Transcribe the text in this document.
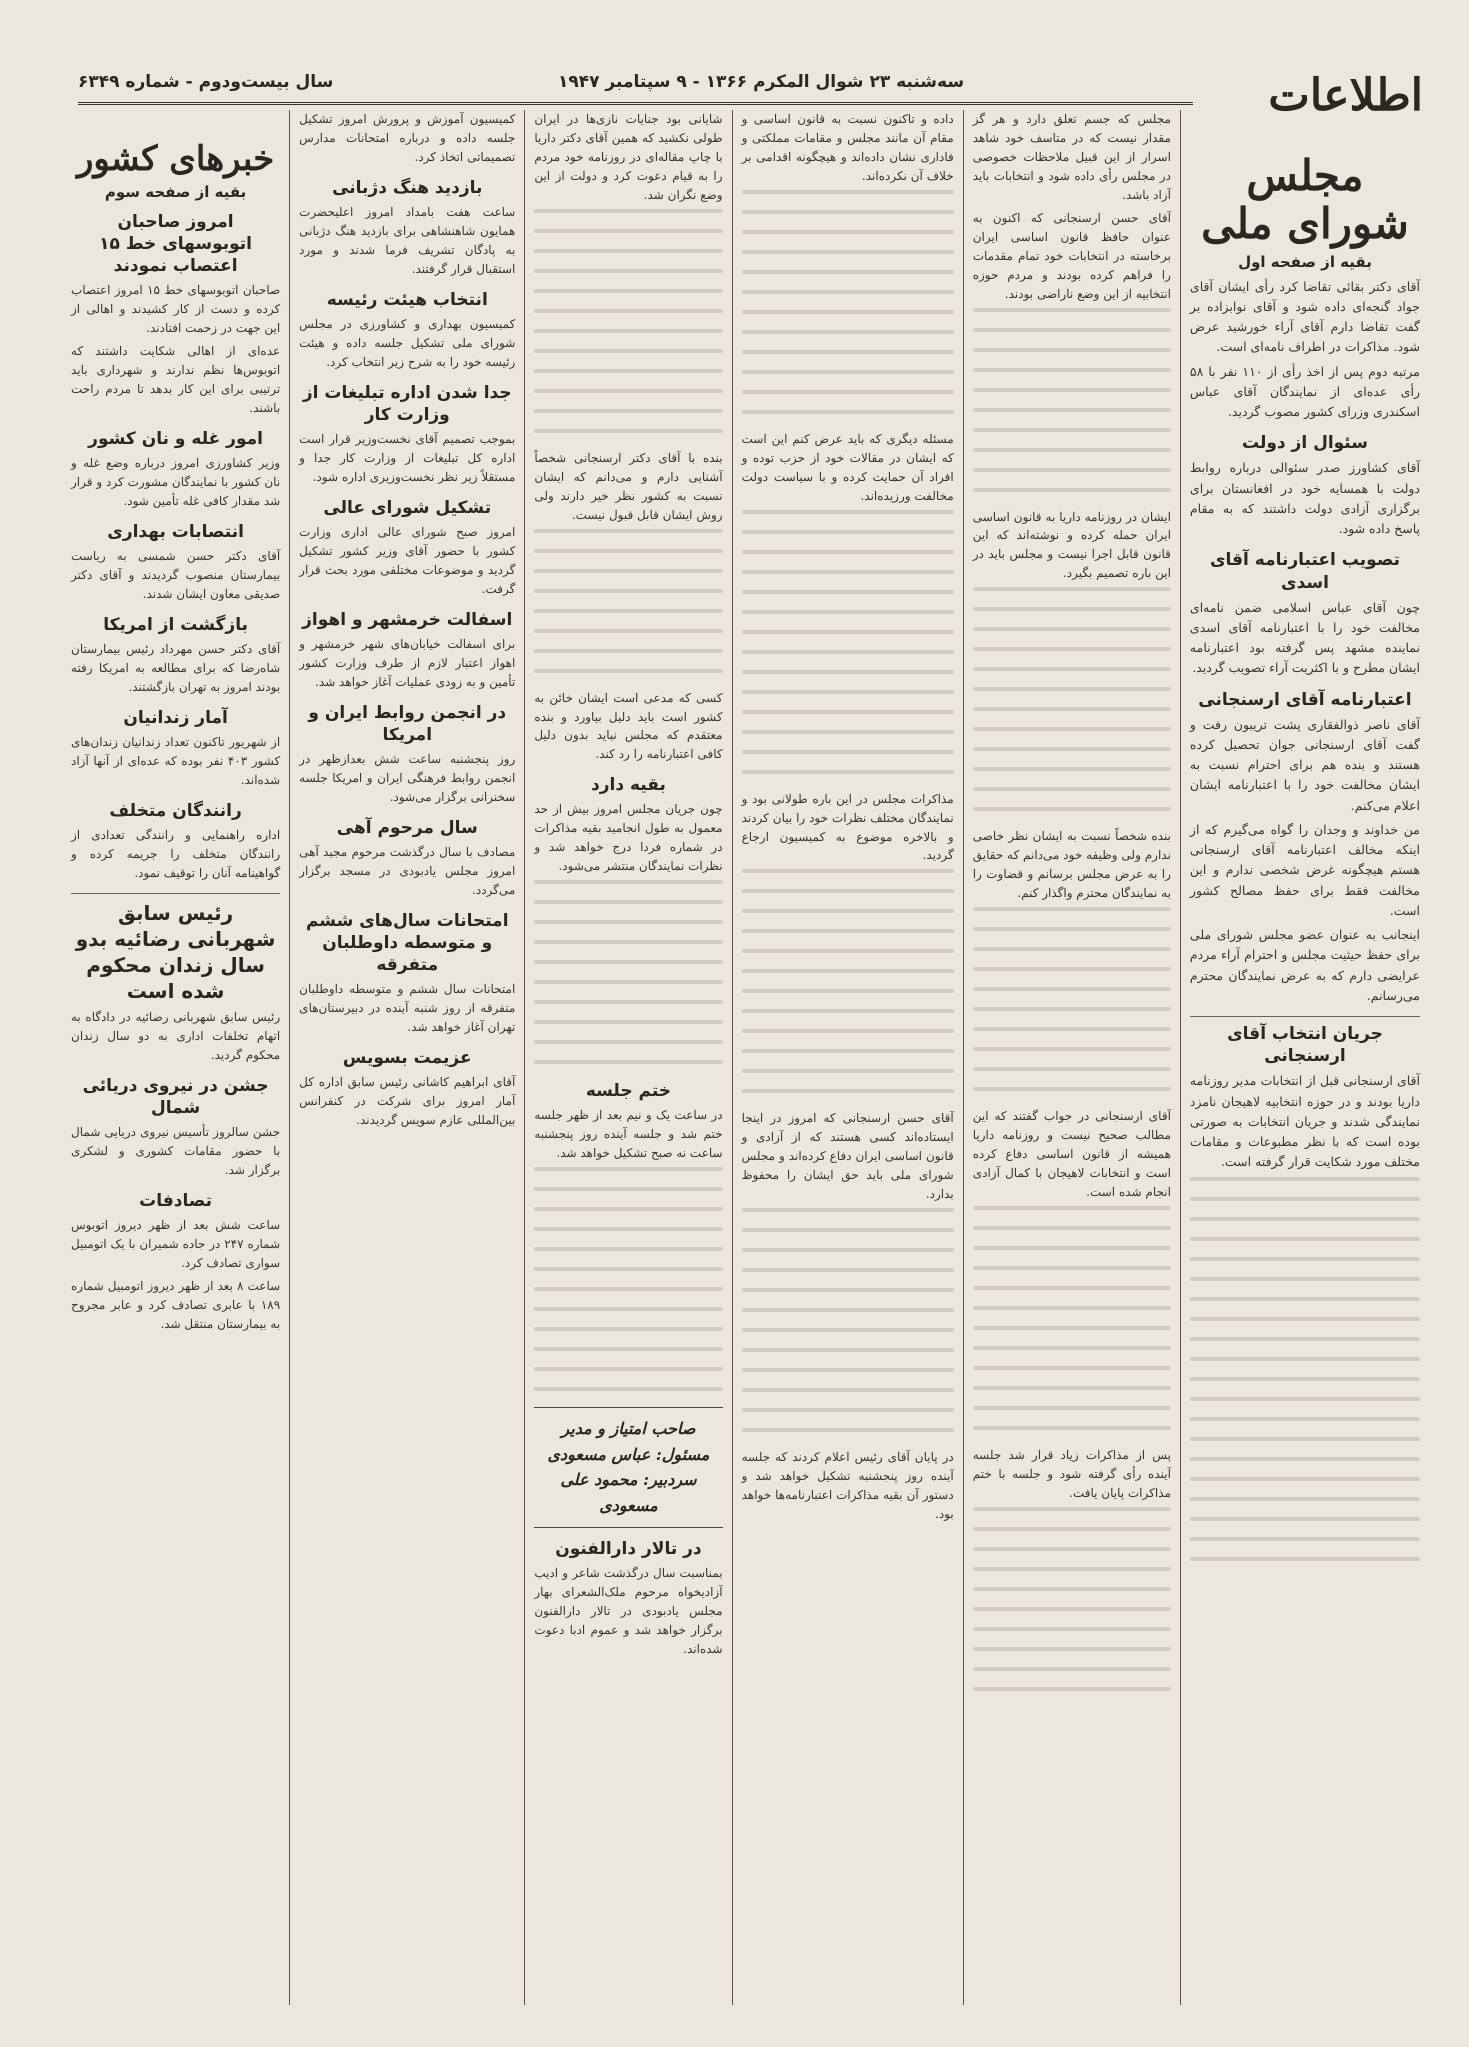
سال بیست‌ودوم - شماره ۶۳۴۹	سه‌شنبه ۲۳ شوال المکرم ۱۳۶۶ - ۹ سپتامبر ۱۹۴۷	اطلاعات
مجلس شورای ملی
بقیه از صفحه اول

آقای دکتر بقائی تقاضا کرد رأی ایشان آقای جواد گنجه‌ای داده شود و آقای نوابزاده بر گفت تقاضا دارم آقای آراء خورشید عرض شود. مذاکرات در اطراف نامه‌ای است.

مرتبه دوم پس از اخذ رأی از ۱۱۰ نفر با ۵۸ رأی عده‌ای از نمایندگان آقای عباس اسکندری وزرای کشور مصوب گردید.

سئوال از دولت

آقای کشاورز صدر سئوالی درباره روابط دولت با همسایه خود در افغانستان برای برگزاری آزادی دولت داشتند که به مقام پاسخ داده شود.

تصویب اعتبارنامه آقای اسدی

چون آقای عباس اسلامی ضمن نامه‌ای مخالفت خود را با اعتبارنامه آقای اسدی نماینده مشهد پس گرفته بود اعتبارنامه ایشان مطرح و با اکثریت آراء تصویب گردید.

اعتبارنامه آقای ارسنجانی

آقای ناصر ذوالفقاری پشت تریبون رفت و گفت آقای ارسنجانی جوان تحصیل کرده هستند و بنده هم برای احترام نسبت به ایشان مخالفت خود را با اعتبارنامه ایشان اعلام می‌کنم.

من خداوند و وجدان را گواه می‌گیرم که از اینکه مخالف اعتبارنامه آقای ارسنجانی هستم هیچگونه غرض شخصی ندارم و این مخالفت فقط برای حفظ مصالح کشور است.

اینجانب به عنوان عضو مجلس شورای ملی برای حفظ حیثیت مجلس و احترام آراء مردم عرایضی دارم که به عرض نمایندگان محترم می‌رسانم.

جریان انتخاب آقای ارسنجانی

آقای ارسنجانی قبل از انتخابات مدیر روزنامه داریا بودند و در حوزه انتخابیه لاهیجان نامزد نمایندگی شدند و جریان انتخابات به صورتی بوده است که با نظر مطبوعات و مقامات مختلف مورد شکایت قرار گرفته است.

مجلس که جسم تعلق دارد و هر گز مقدار نیست که در متاسف خود شاهد اسرار از این قبیل ملاحظات خصوصی در مجلس رأی داده شود و انتخابات باید آزاد باشد.

آقای حسن ارسنجانی که اکنون به عنوان حافظ قانون اساسی ایران برخاسته در انتخابات خود تمام مقدمات را فراهم کرده بودند و مردم حوزه انتخابیه از این وضع ناراضی بودند.

ایشان در روزنامه داریا به قانون اساسی ایران حمله کرده و نوشته‌اند که این قانون قابل اجرا نیست و مجلس باید در این باره تصمیم بگیرد.

بنده شخصاً نسبت به ایشان نظر خاصی ندارم ولی وظیفه خود می‌دانم که حقایق را به عرض مجلس برسانم و قضاوت را به نمایندگان محترم واگذار کنم.

آقای ارسنجانی در جواب گفتند که این مطالب صحیح نیست و روزنامه داریا همیشه از قانون اساسی دفاع کرده است و انتخابات لاهیجان با کمال آزادی انجام شده است.

پس از مذاکرات زیاد قرار شد جلسه آینده رأی گرفته شود و جلسه با ختم مذاکرات پایان یافت.

داده و تاکنون نسبت به قانون اساسی و مقام آن مانند مجلس و مقامات مملکتی و فاداری نشان داده‌اند و هیچگونه اقدامی بر خلاف آن نکرده‌اند.

مسئله دیگری که باید عرض کنم این است که ایشان در مقالات خود از حزب توده و افراد آن حمایت کرده و با سیاست دولت مخالفت ورزیده‌اند.

مذاکرات مجلس در این باره طولانی بود و نمایندگان مختلف نظرات خود را بیان کردند و بالاخره موضوع به کمیسیون ارجاع گردید.

آقای حسن ارسنجانی که امروز در اینجا ایستاده‌اند کسی هستند که از آزادی و قانون اساسی ایران دفاع کرده‌اند و مجلس شورای ملی باید حق ایشان را محفوظ بدارد.

در پایان آقای رئیس اعلام کردند که جلسه آینده روز پنجشنبه تشکیل خواهد شد و دستور آن بقیه مذاکرات اعتبارنامه‌ها خواهد بود.

شایانی بود جنایات نازی‌ها در ایران طولی نکشید که همین آقای دکتر داریا با چاپ مقاله‌ای در روزنامه خود مردم را به قیام دعوت کرد و دولت از این وضع نگران شد.

بنده با آقای دکتر ارسنجانی شخصاً آشنایی دارم و می‌دانم که ایشان نسبت به کشور نظر خیر دارند ولی روش ایشان قابل قبول نیست.

کسی که مدعی است ایشان خائن به کشور است باید دلیل بیاورد و بنده معتقدم که مجلس نباید بدون دلیل کافی اعتبارنامه را رد کند.

بقیه دارد

چون جریان مجلس امروز بیش از حد معمول به طول انجامید بقیه مذاکرات در شماره فردا درج خواهد شد و نظرات نمایندگان منتشر می‌شود.

ختم جلسه

در ساعت یک و نیم بعد از ظهر جلسه ختم شد و جلسه آینده روز پنجشنبه ساعت نه صبح تشکیل خواهد شد.

صاحب امتیاز و مدیر مسئول: عباس مسعودی
سردبیر: محمود علی مسعودی
در تالار دارالفنون

بمناسبت سال درگذشت شاعر و ادیب آزادیخواه مرحوم ملک‌الشعرای بهار مجلس یادبودی در تالار دارالفنون برگزار خواهد شد و عموم ادبا دعوت شده‌اند.

کمیسیون آموزش و پرورش امروز تشکیل جلسه داده و درباره امتحانات مدارس تصمیماتی اتخاذ کرد.

بازدید هنگ دژبانی

ساعت هفت بامداد امروز اعلیحضرت همایون شاهنشاهی برای بازدید هنگ دژبانی به پادگان تشریف فرما شدند و مورد استقبال قرار گرفتند.

انتخاب هیئت رئیسه

کمیسیون بهداری و کشاورزی در مجلس شورای ملی تشکیل جلسه داده و هیئت رئیسه خود را به شرح زیر انتخاب کرد.

جدا شدن اداره تبلیغات از وزارت کار

بموجب تصمیم آقای نخست‌وزیر قرار است اداره کل تبلیغات از وزارت کار جدا و مستقلاً زیر نظر نخست‌وزیری اداره شود.

تشکیل شورای عالی

امروز صبح شورای عالی اداری وزارت کشور با حضور آقای وزیر کشور تشکیل گردید و موضوعات مختلفی مورد بحث قرار گرفت.

اسفالت خرمشهر و اهواز

برای اسفالت خیابان‌های شهر خرمشهر و اهواز اعتبار لازم از طرف وزارت کشور تأمین و به زودی عملیات آغاز خواهد شد.

در انجمن روابط ایران و امریکا

روز پنجشنبه ساعت شش بعدازظهر در انجمن روابط فرهنگی ایران و امریکا جلسه سخنرانی برگزار می‌شود.

سال مرحوم آهی

مصادف با سال درگذشت مرحوم مجید آهی امروز مجلس یادبودی در مسجد برگزار می‌گردد.

امتحانات سال‌های ششم و متوسطه داوطلبان متفرقه

امتحانات سال ششم و متوسطه داوطلبان متفرقه از روز شنبه آینده در دبیرستان‌های تهران آغاز خواهد شد.

عزیمت بسویس

آقای ابراهیم کاشانی رئیس سابق اداره کل آمار امروز برای شرکت در کنفرانس بین‌المللی عازم سویس گردیدند.

خبرهای کشور
بقیه از صفحه سوم
امروز صاحبان اتوبوسهای خط ۱۵ اعتصاب نمودند

صاحبان اتوبوسهای خط ۱۵ امروز اعتصاب کرده و دست از کار کشیدند و اهالی از این جهت در زحمت افتادند.

عده‌ای از اهالی شکایت داشتند که اتوبوس‌ها نظم ندارند و شهرداری باید ترتیبی برای این کار بدهد تا مردم راحت باشند.

امور غله و نان کشور

وزیر کشاورزی امروز درباره وضع غله و نان کشور با نمایندگان مشورت کرد و قرار شد مقدار کافی غله تأمین شود.

انتصابات بهداری

آقای دکتر حسن شمسی به ریاست بیمارستان منصوب گردیدند و آقای دکتر صدیقی معاون ایشان شدند.

بازگشت از امریکا

آقای دکتر حسن مهرداد رئیس بیمارستان شاه‌رضا که برای مطالعه به امریکا رفته بودند امروز به تهران بازگشتند.

آمار زندانیان

از شهریور تاکنون تعداد زندانیان زندان‌های کشور ۴۰۳ نفر بوده که عده‌ای از آنها آزاد شده‌اند.

رانندگان متخلف

اداره راهنمایی و رانندگی تعدادی از رانندگان متخلف را جریمه کرده و گواهینامه آنان را توقیف نمود.

رئیس سابق شهربانی رضائیه بدو سال زندان محکوم شده است

رئیس سابق شهربانی رضائیه در دادگاه به اتهام تخلفات اداری به دو سال زندان محکوم گردید.

جشن در نیروی دریائی شمال

جشن سالروز تأسیس نیروی دریایی شمال با حضور مقامات کشوری و لشکری برگزار شد.

تصادفات

ساعت شش بعد از ظهر دیروز اتوبوس شماره ۲۴۷ در جاده شمیران با یک اتومبیل سواری تصادف کرد.

ساعت ۸ بعد از ظهر دیروز اتومبیل شماره ۱۸۹ با عابری تصادف کرد و عابر مجروح به بیمارستان منتقل شد.
